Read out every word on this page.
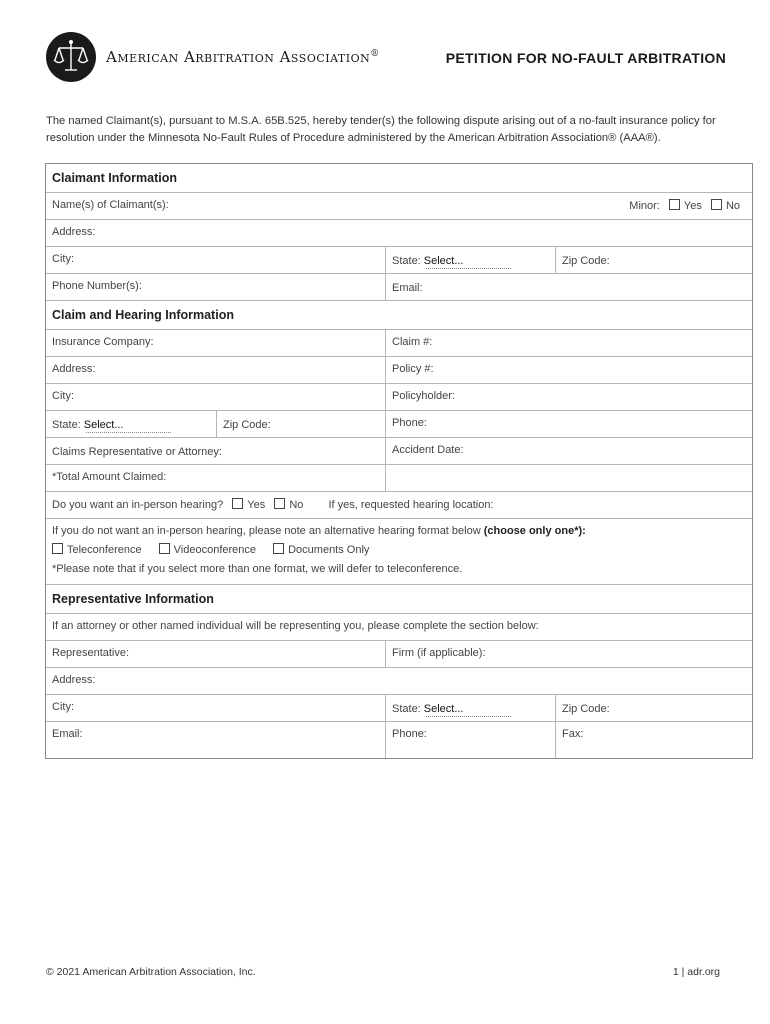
American Arbitration Association®	PETITION FOR NO-FAULT ARBITRATION
The named Claimant(s), pursuant to M.S.A. 65B.525, hereby tender(s) the following dispute arising out of a no-fault insurance policy for resolution under the Minnesota No-Fault Rules of Procedure administered by the American Arbitration Association® (AAA®).
Claimant Information
Name(s) of Claimant(s):	Minor: Yes No
Address:
City:	State: Select...	Zip Code:
Phone Number(s):	Email:
Claim and Hearing Information
Insurance Company:	Claim #:
Address:	Policy #:
City:	Policyholder:
State: Select...	Zip Code:	Phone:
Claims Representative or Attorney:	Accident Date:
*Total Amount Claimed:
Do you want an in-person hearing? Yes No If yes, requested hearing location:
If you do not want an in-person hearing, please note an alternative hearing format below (choose only one*):
Teleconference	Videoconference	Documents Only
*Please note that if you select more than one format, we will defer to teleconference.
Representative Information
If an attorney or other named individual will be representing you, please complete the section below:
Representative:	Firm (if applicable):
Address:
City:	State: Select...	Zip Code:
Email:	Phone:	Fax:
© 2021 American Arbitration Association, Inc.	1 | adr.org
